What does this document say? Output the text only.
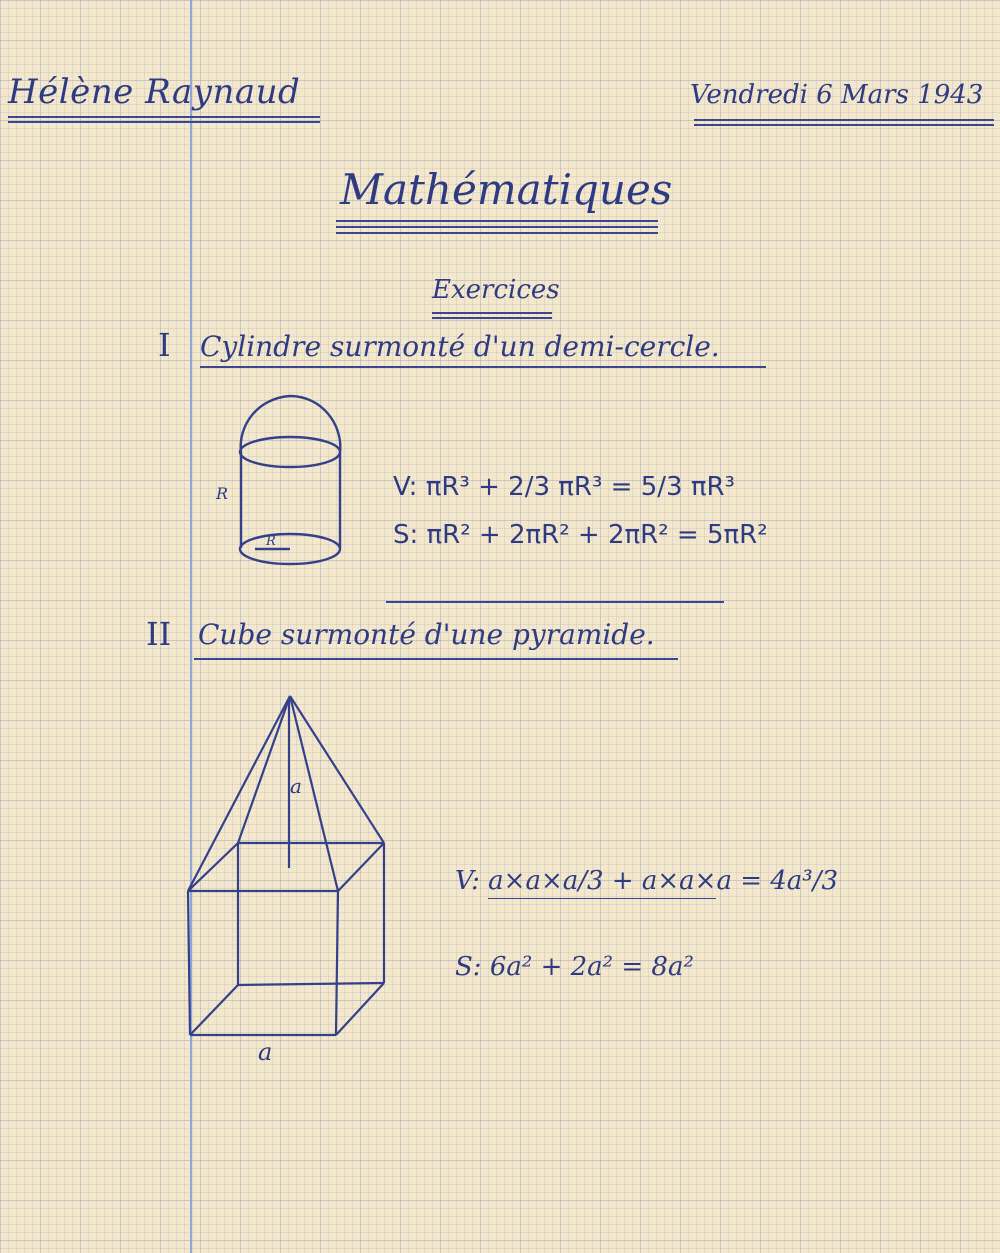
Hélène Raynaud	Vendredi 6 Mars 1943
Mathématiques
Exercices
I Cylindre surmonté d'un demi-cercle.
R
R
V: πR³ + 2/3 πR³ = 5/3 πR³
S: πR² + 2πR² + 2πR² = 5πR²
II Cube surmonté d'une pyramide.
a
a
V: a×a×a/3 + a×a×a = 4a³/3
S: 6a² + 2a² = 8a²
